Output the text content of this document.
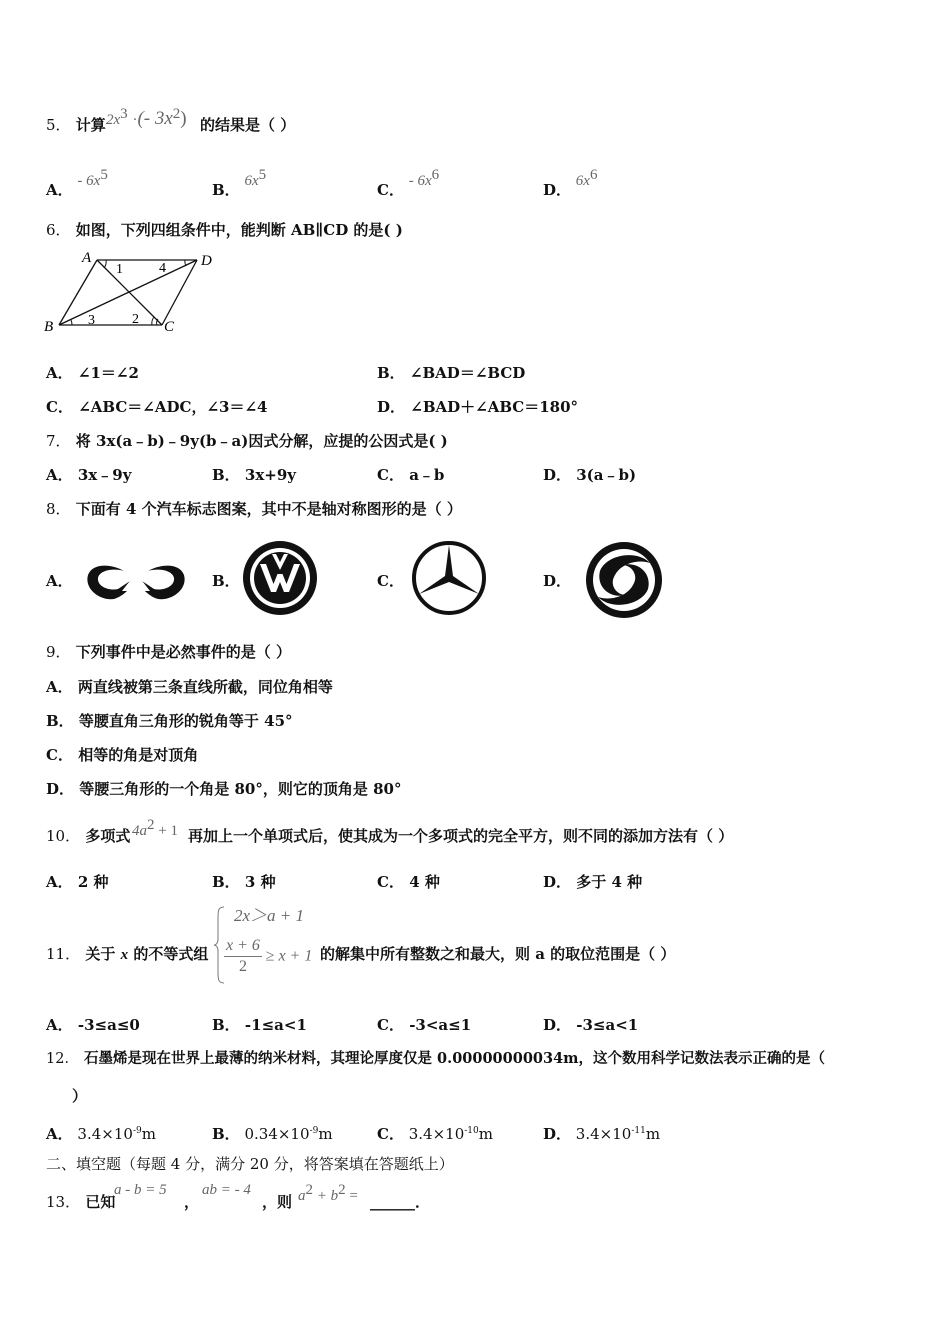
5． 计算 $2x^3$ ·(- $3x^2$) 的结果是（ ）
A． - $6x^5$
B． $6x^5$
C． - $6x^6$
D． $6x^6$
6． 如图，下列四组条件中，能判断 AB∥CD 的是( )
A	D
B	C
1	4
3	2
A． ∠1＝∠2	B． ∠BAD＝∠BCD
C． ∠ABC＝∠ADC，∠3＝∠4	D． ∠BAD＋∠ABC＝180°
7． 将 3x(a﹣b)﹣9y(b﹣a)因式分解，应提的公因式是( )
A． 3x﹣9y	B． 3x+9y	C． a﹣b	D． 3(a﹣b)
8． 下面有 4 个汽车标志图案，其中不是轴对称图形的是（ ）
A．	B．	C．	D．
9． 下列事件中是必然事件的是（ ）
A． 两直线被第三条直线所截，同位角相等
B． 等腰直角三角形的锐角等于 45°
C． 相等的角是对顶角
D． 等腰三角形的一个角是 80°，则它的顶角是 80°
10． 多项式 $4a^2 + 1$ 再加上一个单项式后，使其成为一个多项式的完全平方，则不同的添加方法有（ ）
A． 2 种	B． 3 种	C． 4 种	D． 多于 4 种
11． 关于 x 的不等式组
2x＞a + 1
$\frac{x + 6}{2} \ge x + 1$ 的解集中所有整数之和最大，则 a 的取位范围是（ ）
A． -3≤a≤0	B． -1≤a<1	C． -3<a≤1	D． -3≤a<1
12． 石墨烯是现在世界上最薄的纳米材料，其理论厚度仅是 0.00000000034m，这个数用科学记数法表示正确的是（
）
A． $3.4\times 10^{-9}m$	B． $0.34\times 10^{-9}m$	C． $3.4\times 10^{-10}m$	D． $3.4\times 10^{-11}m$
二、填空题（每题 4 分，满分 20 分，将答案填在答题纸上）
13． 已知
a - b = 5
，
ab = - 4
，则 $a^2 + b^2$ = ______．
